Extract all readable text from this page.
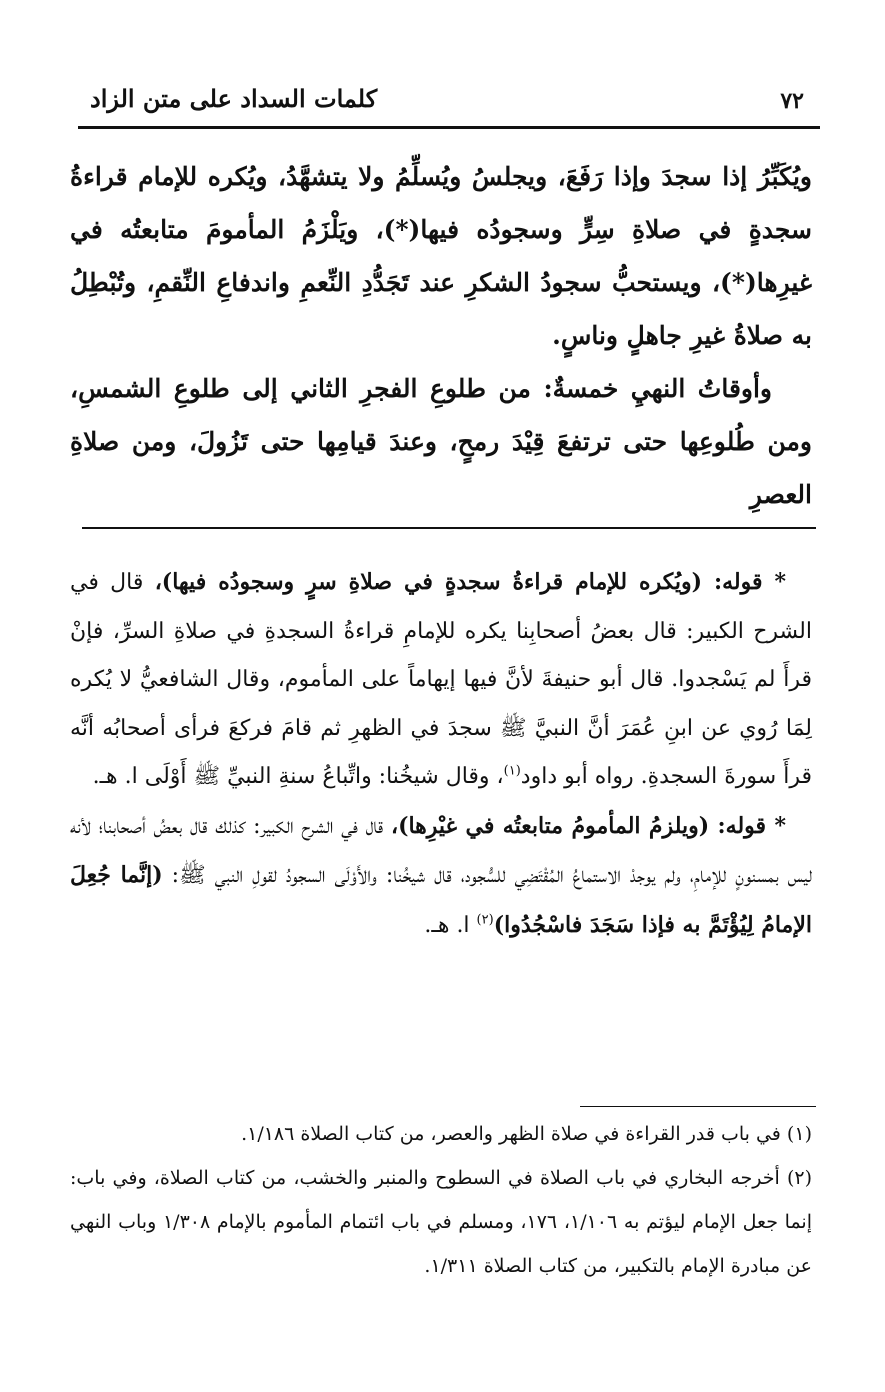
٧٢
كلمات السداد على متن الزاد

ويُكَبِّرُ إذا سجدَ وإذا رَفَعَ، ويجلسُ ويُسلِّمُ ولا يتشهَّدُ، ويُكره للإمام قراءةُ سجدةٍ في صلاةِ سِرٍّ وسجودُه فيها(*)، ويَلْزَمُ المأمومَ متابعتُه في غيرِها(*)، ويستحبُّ سجودُ الشكرِ عند تَجَدُّدِ النِّعمِ واندفاعِ النِّقمِ، وتُبْطِلُ به صلاةُ غيرِ جاهلٍ وناسٍ.

وأوقاتُ النهيِ خمسةٌ: من طلوعِ الفجرِ الثاني إلى طلوعِ الشمسِ، ومن طُلوعِها حتى ترتفعَ قِيْدَ رمحٍ، وعندَ قيامِها حتى تَزُولَ، ومن صلاةِ العصرِ

* قوله: (ويُكره للإمام قراءةُ سجدةٍ في صلاةِ سرٍ وسجودُه فيها)، قال في الشرح الكبير: قال بعضُ أصحابِنا يكره للإمامِ قراءةُ السجدةِ في صلاةِ السرِّ، فإنْ قرأَ لم يَسْجدوا. قال أبو حنيفةَ لأنَّ فيها إيهاماً على المأموم، وقال الشافعيُّ لا يُكره لِمَا رُوي عن ابنِ عُمَرَ أنَّ النبيَّ ﷺ سجدَ في الظهرِ ثم قامَ فركعَ فرأى أصحابُه أنَّه قرأَ سورةَ السجدةِ. رواه أبو داود$^{(١)}$، وقال شيخُنا: واتِّباعُ سنةِ النبيِّ ﷺ أَوْلَى ا. هـ.

* قوله: (ويلزمُ المأمومُ متابعتُه في غيْرِها)، قال في الشرح الكبير: كذلك قال بعضُ أصحابنا؛ لأنه ليس بمسنونٍ للإمامِ، ولم يوجدْ الاستماعُ المُقْتَضِي للسُّجود، قال شيخُنا: والأَوْلَى السجودُ لقولِ النبي ﷺ: (إنَّما جُعِلَ الإمامُ لِيُؤْتَمَّ به فإذا سَجَدَ فاسْجُدُوا)$^{(٢)}$ ا. هـ.

(١) في باب قدر القراءة في صلاة الظهر والعصر، من كتاب الصلاة ١/١٨٦.

(٢) أخرجه البخاري في باب الصلاة في السطوح والمنبر والخشب، من كتاب الصلاة، وفي باب: إنما جعل الإمام ليؤتم به ١/١٠٦، ١٧٦، ومسلم في باب ائتمام المأموم بالإمام ١/٣٠٨ وباب النهي عن مبادرة الإمام بالتكبير، من كتاب الصلاة ١/٣١١.
